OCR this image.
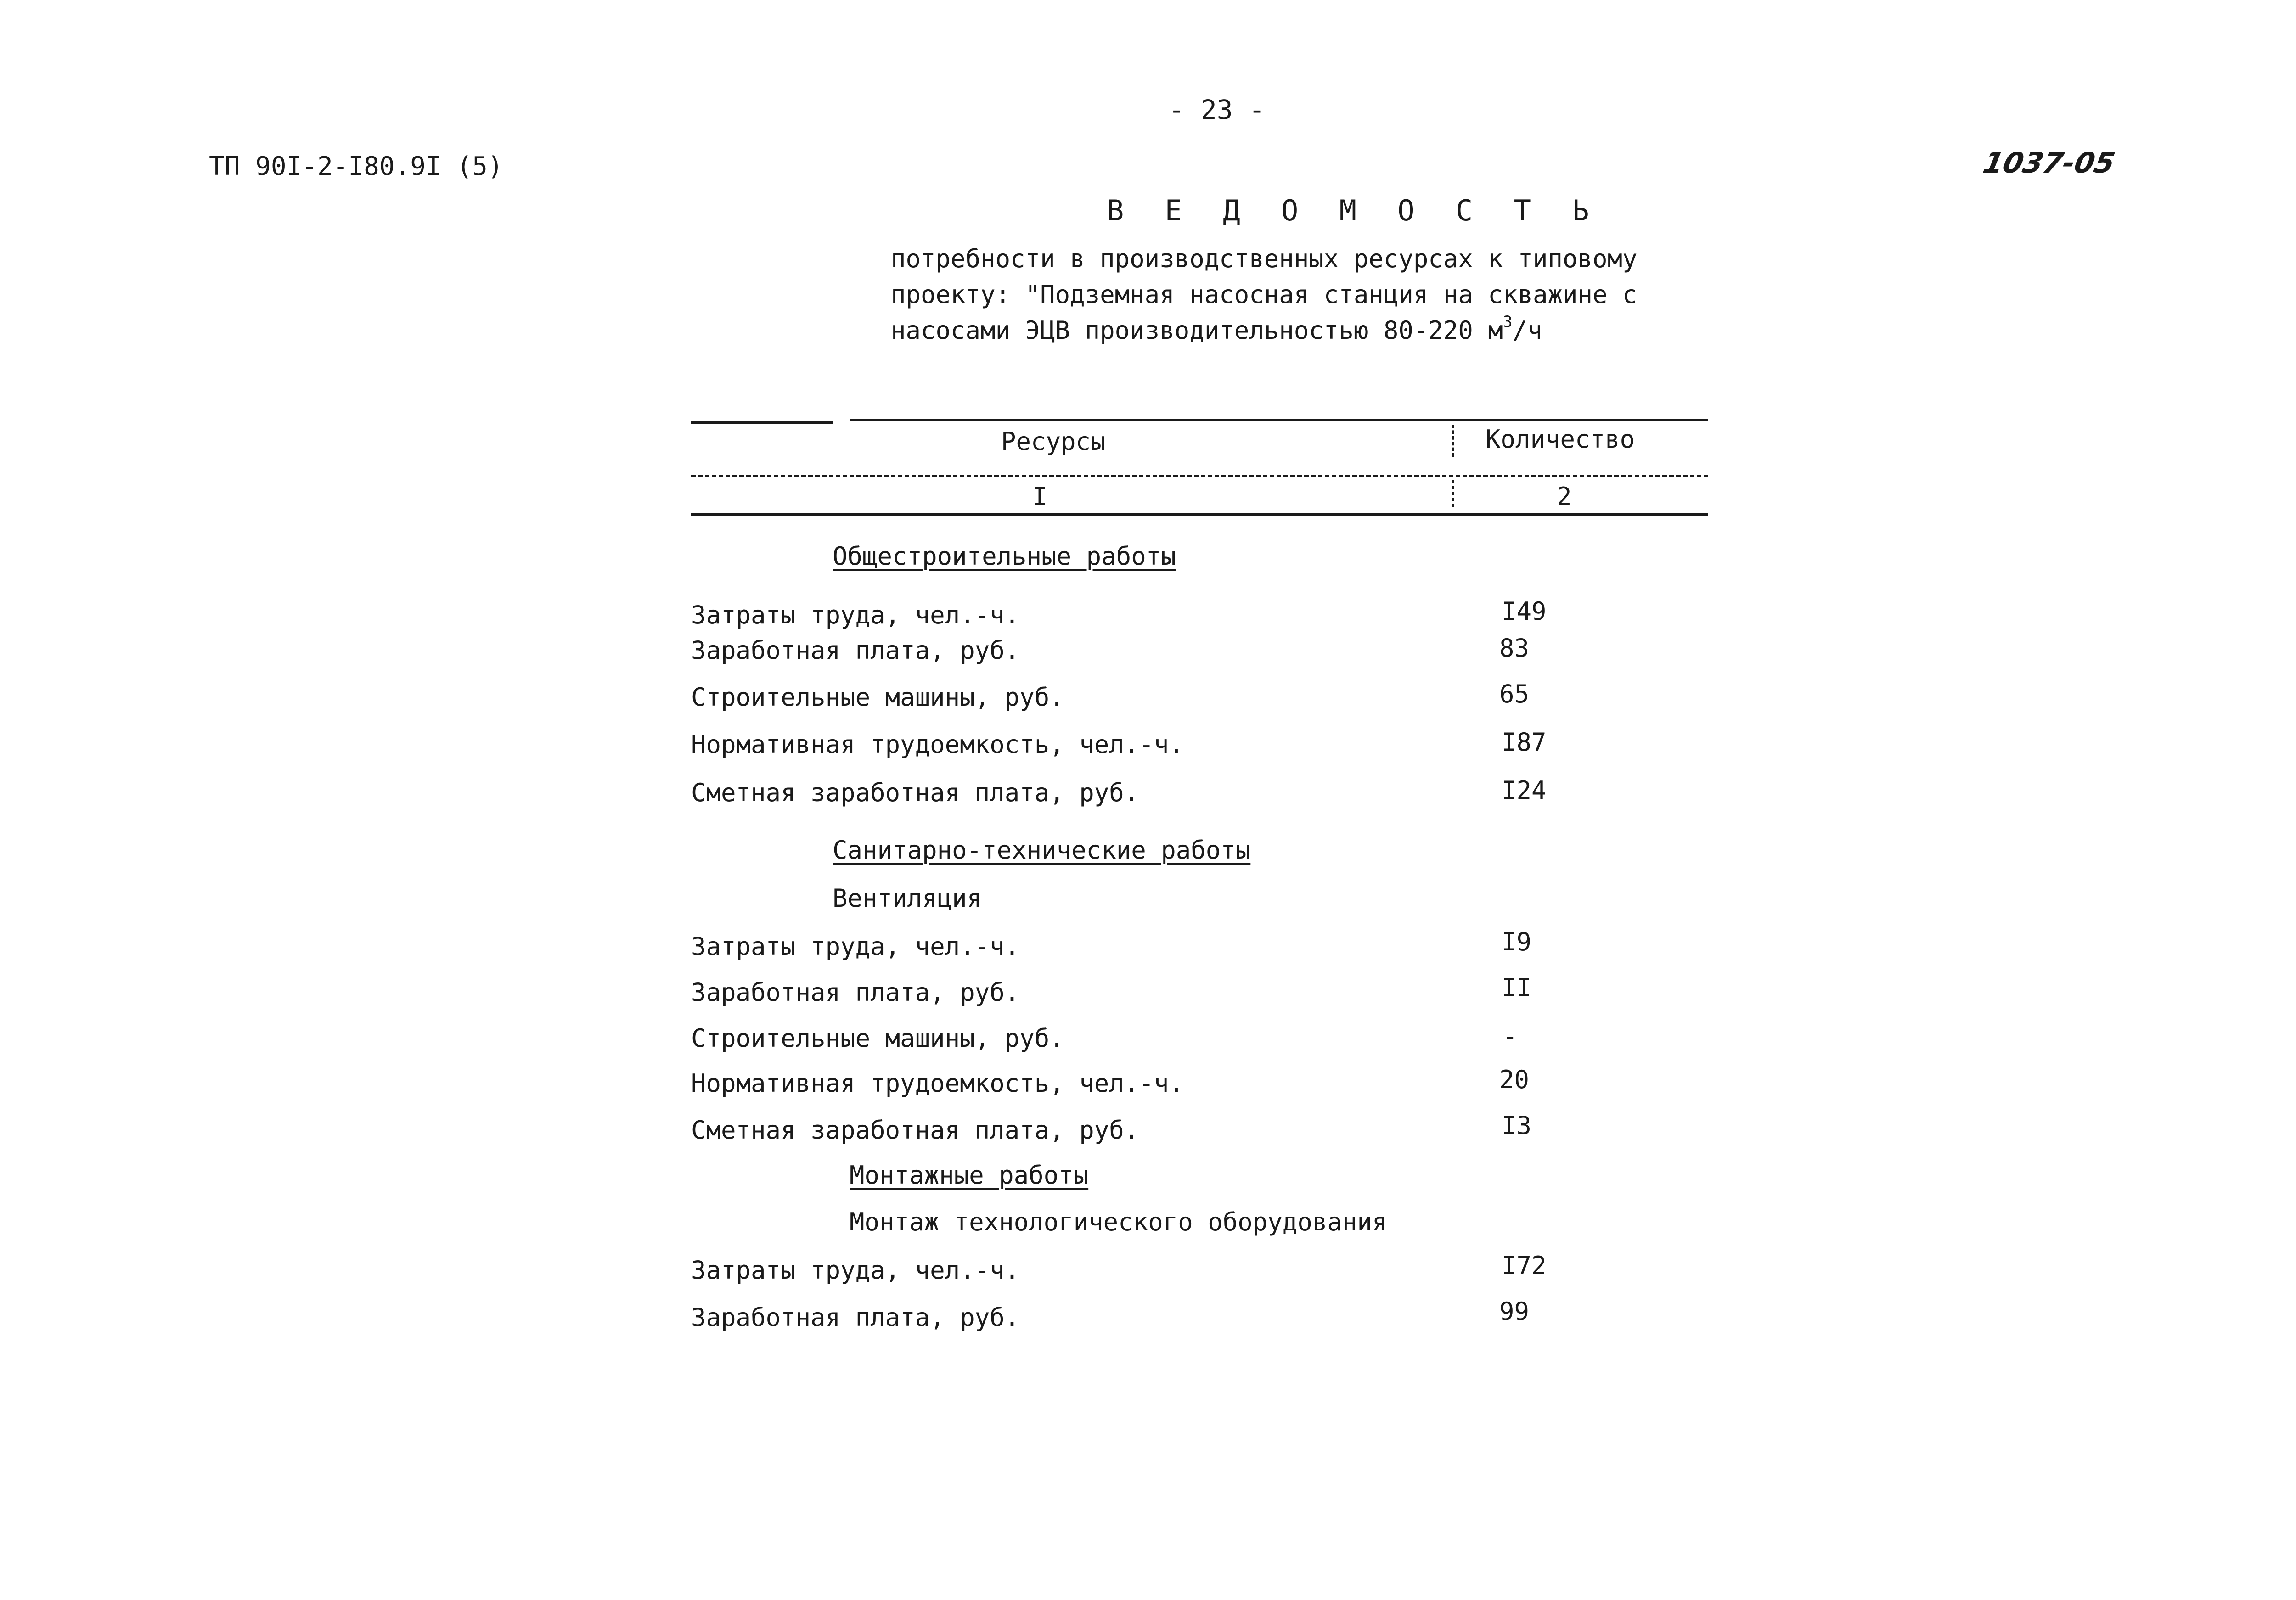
- 23 -
ТП 90I-2-I80.9I (5)	1037-05
В Е Д О М О С Т Ь
потребности в производственных ресурсах к типовому
проекту: "Подземная насосная станция на скважине с
насосами ЭЦВ производительностью 80-220 $м^3/ч$
Ресурсы	Количество
I	2
Общестроительные работы
Затраты труда, чел.-ч.	I49
Заработная плата, руб.	83
Строительные машины, руб.	65
Нормативная трудоемкость, чел.-ч.	I87
Сметная заработная плата, руб.	I24
Санитарно-технические работы
Вентиляция
Затраты труда, чел.-ч.	I9
Заработная плата, руб.	II
Строительные машины, руб.	-
Нормативная трудоемкость, чел.-ч.	20
Сметная заработная плата, руб.	I3
Монтажные работы
Монтаж технологического оборудования
Затраты труда, чел.-ч.	I72
Заработная плата, руб.	99
